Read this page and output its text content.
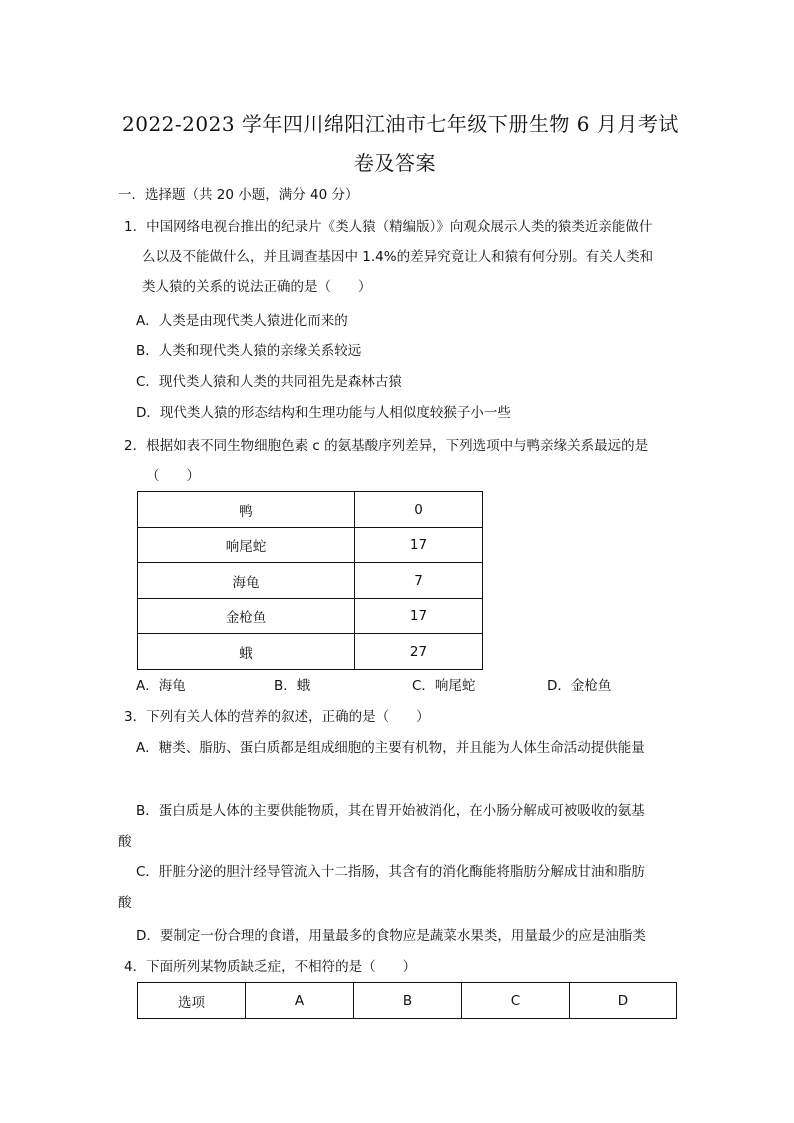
2022-2023 学年四川绵阳江油市七年级下册生物 6 月月考试
卷及答案
一．选择题（共 20 小题，满分 40 分）
1．中国网络电视台推出的纪录片《类人猿（精编版）》向观众展示人类的猿类近亲能做什
么以及不能做什么，并且调查基因中 1.4%的差异究竟让人和猿有何分别。有关人类和
类人猿的关系的说法正确的是（　　）
A．人类是由现代类人猿进化而来的
B．人类和现代类人猿的亲缘关系较远
C．现代类人猿和人类的共同祖先是森林古猿
D．现代类人猿的形态结构和生理功能与人相似度较猴子小一些
2．根据如表不同生物细胞色素 c 的氨基酸序列差异，下列选项中与鸭亲缘关系最远的是
（　　）
鸭	0
响尾蛇	17
海龟	7
金枪鱼	17
蛾	27
A．海龟	B．蛾	C．响尾蛇	D．金枪鱼
3．下列有关人体的营养的叙述，正确的是（　　）
A．糖类、脂肪、蛋白质都是组成细胞的主要有机物，并且能为人体生命活动提供能量
B．蛋白质是人体的主要供能物质，其在胃开始被消化，在小肠分解成可被吸收的氨基
酸
C．肝脏分泌的胆汁经导管流入十二指肠，其含有的消化酶能将脂肪分解成甘油和脂肪
酸
D．要制定一份合理的食谱，用量最多的食物应是蔬菜水果类，用量最少的应是油脂类
4．下面所列某物质缺乏症，不相符的是（　　）
选项	A	B	C	D
